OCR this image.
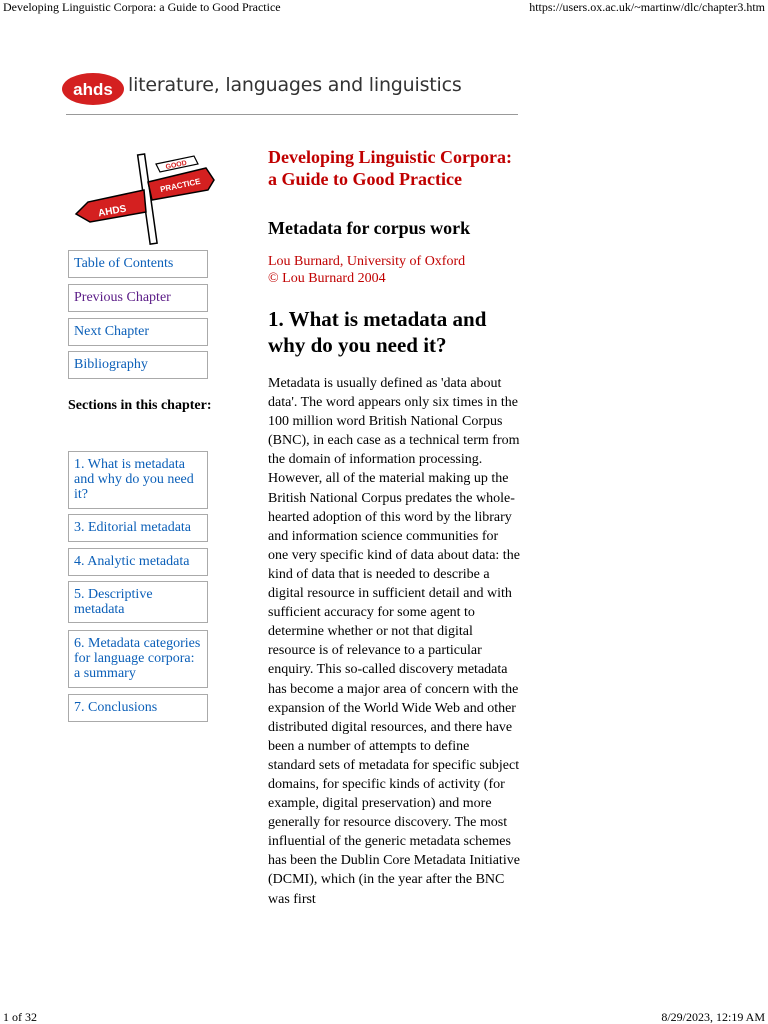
Developing Linguistic Corpora: a Guide to Good Practice	https://users.ox.ac.uk/~martinw/dlc/chapter3.htm
ahds literature, languages and linguistics
GOOD
PRACTICE
AHDS
Table of Contents
Previous Chapter
Next Chapter
Bibliography
Sections in this chapter:
1. What is metadata and why do you need it?
3. Editorial metadata
4. Analytic metadata
5. Descriptive metadata
6. Metadata categories for language corpora: a summary
7. Conclusions
Developing Linguistic Corpora:
a Guide to Good Practice
Metadata for corpus work
Lou Burnard, University of Oxford
© Lou Burnard 2004
1. What is metadata and why do you need it?
Metadata is usually defined as 'data about data'. The word appears only six times in the 100 million word British National Corpus (BNC), in each case as a technical term from the domain of information processing. However, all of the material making up the British National Corpus predates the whole-hearted adoption of this word by the library and information science communities for one very specific kind of data about data: the kind of data that is needed to describe a digital resource in sufficient detail and with sufficient accuracy for some agent to determine whether or not that digital resource is of relevance to a particular enquiry. This so-called discovery metadata has become a major area of concern with the expansion of the World Wide Web and other distributed digital resources, and there have been a number of attempts to define standard sets of metadata for specific subject domains, for specific kinds of activity (for example, digital preservation) and more generally for resource discovery. The most influential of the generic metadata schemes has been the Dublin Core Metadata Initiative (DCMI), which (in the year after the BNC was first
1 of 32	8/29/2023, 12:19 AM
